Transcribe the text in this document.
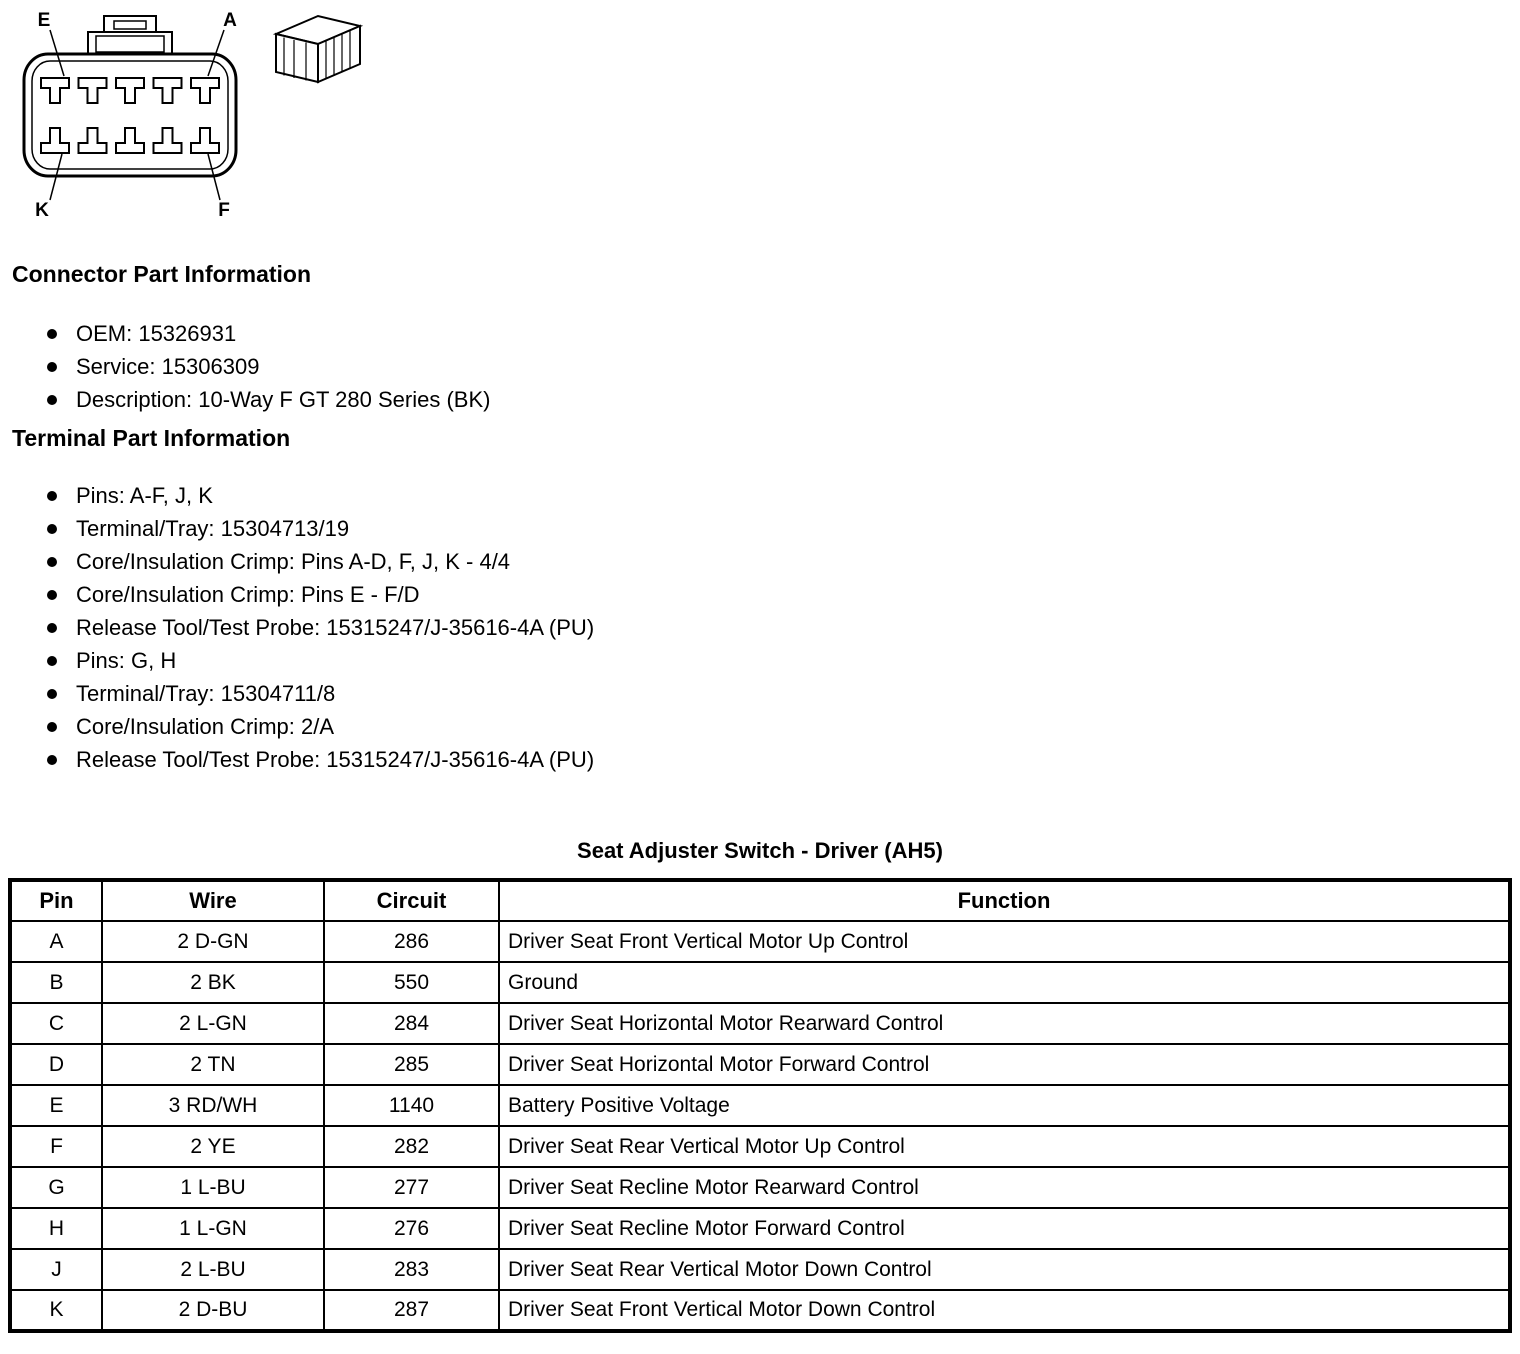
E	A
K	F
Connector Part Information
OEM: 15326931
Service: 15306309
Description: 10-Way F GT 280 Series (BK)
Terminal Part Information
Pins: A-F, J, K
Terminal/Tray: 15304713/19
Core/Insulation Crimp: Pins A-D, F, J, K - 4/4
Core/Insulation Crimp: Pins E - F/D
Release Tool/Test Probe: 15315247/J-35616-4A (PU)
Pins: G, H
Terminal/Tray: 15304711/8
Core/Insulation Crimp: 2/A
Release Tool/Test Probe: 15315247/J-35616-4A (PU)
Seat Adjuster Switch - Driver (AH5)
Pin	Wire	Circuit	Function
A	2 D-GN	286	Driver Seat Front Vertical Motor Up Control
B	2 BK	550	Ground
C	2 L-GN	284	Driver Seat Horizontal Motor Rearward Control
D	2 TN	285	Driver Seat Horizontal Motor Forward Control
E	3 RD/WH	1140	Battery Positive Voltage
F	2 YE	282	Driver Seat Rear Vertical Motor Up Control
G	1 L-BU	277	Driver Seat Recline Motor Rearward Control
H	1 L-GN	276	Driver Seat Recline Motor Forward Control
J	2 L-BU	283	Driver Seat Rear Vertical Motor Down Control
K	2 D-BU	287	Driver Seat Front Vertical Motor Down Control
